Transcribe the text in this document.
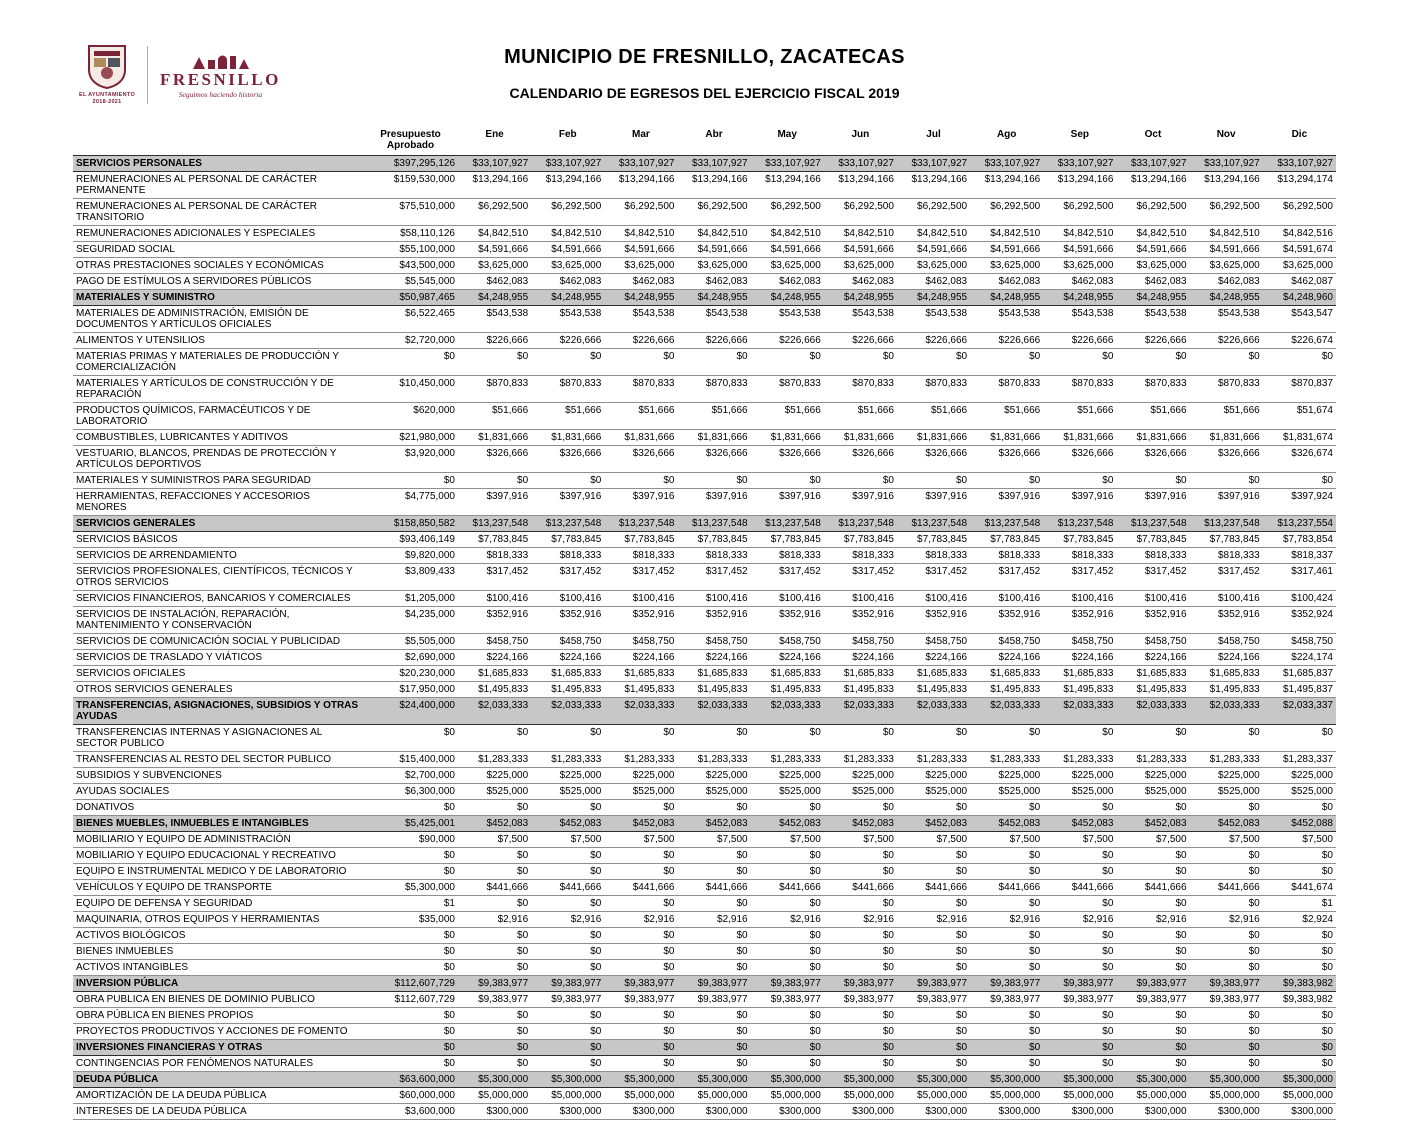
EL AYUNTAMIENTO
2018-2021
FRESNILLO
Seguimos haciendo historia
MUNICIPIO DE FRESNILLO, ZACATECAS
CALENDARIO DE EGRESOS DEL EJERCICIO FISCAL 2019
	Presupuesto Aprobado	Ene	Feb	Mar	Abr	May	Jun	Jul	Ago	Sep	Oct	Nov	Dic
SERVICIOS PERSONALES	$397,295,126	$33,107,927	$33,107,927	$33,107,927	$33,107,927	$33,107,927	$33,107,927	$33,107,927	$33,107,927	$33,107,927	$33,107,927	$33,107,927	$33,107,927
REMUNERACIONES AL PERSONAL DE CARÁCTER PERMANENTE	$159,530,000	$13,294,166	$13,294,166	$13,294,166	$13,294,166	$13,294,166	$13,294,166	$13,294,166	$13,294,166	$13,294,166	$13,294,166	$13,294,166	$13,294,174
REMUNERACIONES AL PERSONAL DE CARÁCTER TRANSITORIO	$75,510,000	$6,292,500	$6,292,500	$6,292,500	$6,292,500	$6,292,500	$6,292,500	$6,292,500	$6,292,500	$6,292,500	$6,292,500	$6,292,500	$6,292,500
REMUNERACIONES ADICIONALES Y ESPECIALES	$58,110,126	$4,842,510	$4,842,510	$4,842,510	$4,842,510	$4,842,510	$4,842,510	$4,842,510	$4,842,510	$4,842,510	$4,842,510	$4,842,510	$4,842,516
SEGURIDAD SOCIAL	$55,100,000	$4,591,666	$4,591,666	$4,591,666	$4,591,666	$4,591,666	$4,591,666	$4,591,666	$4,591,666	$4,591,666	$4,591,666	$4,591,666	$4,591,674
OTRAS PRESTACIONES SOCIALES Y ECONÓMICAS	$43,500,000	$3,625,000	$3,625,000	$3,625,000	$3,625,000	$3,625,000	$3,625,000	$3,625,000	$3,625,000	$3,625,000	$3,625,000	$3,625,000	$3,625,000
PAGO DE ESTÍMULOS A SERVIDORES PÚBLICOS	$5,545,000	$462,083	$462,083	$462,083	$462,083	$462,083	$462,083	$462,083	$462,083	$462,083	$462,083	$462,083	$462,087
MATERIALES Y SUMINISTRO	$50,987,465	$4,248,955	$4,248,955	$4,248,955	$4,248,955	$4,248,955	$4,248,955	$4,248,955	$4,248,955	$4,248,955	$4,248,955	$4,248,955	$4,248,960
MATERIALES DE ADMINISTRACIÓN, EMISIÓN DE DOCUMENTOS Y ARTÍCULOS OFICIALES	$6,522,465	$543,538	$543,538	$543,538	$543,538	$543,538	$543,538	$543,538	$543,538	$543,538	$543,538	$543,538	$543,547
ALIMENTOS Y UTENSILIOS	$2,720,000	$226,666	$226,666	$226,666	$226,666	$226,666	$226,666	$226,666	$226,666	$226,666	$226,666	$226,666	$226,674
MATERIAS PRIMAS Y MATERIALES DE PRODUCCIÓN Y COMERCIALIZACIÓN	$0	$0	$0	$0	$0	$0	$0	$0	$0	$0	$0	$0	$0
MATERIALES Y ARTÍCULOS DE CONSTRUCCIÓN Y DE REPARACIÓN	$10,450,000	$870,833	$870,833	$870,833	$870,833	$870,833	$870,833	$870,833	$870,833	$870,833	$870,833	$870,833	$870,837
PRODUCTOS QUÍMICOS, FARMACÉUTICOS Y DE LABORATORIO	$620,000	$51,666	$51,666	$51,666	$51,666	$51,666	$51,666	$51,666	$51,666	$51,666	$51,666	$51,666	$51,674
COMBUSTIBLES, LUBRICANTES Y ADITIVOS	$21,980,000	$1,831,666	$1,831,666	$1,831,666	$1,831,666	$1,831,666	$1,831,666	$1,831,666	$1,831,666	$1,831,666	$1,831,666	$1,831,666	$1,831,674
VESTUARIO, BLANCOS, PRENDAS DE PROTECCIÓN Y ARTÍCULOS DEPORTIVOS	$3,920,000	$326,666	$326,666	$326,666	$326,666	$326,666	$326,666	$326,666	$326,666	$326,666	$326,666	$326,666	$326,674
MATERIALES Y SUMINISTROS PARA SEGURIDAD	$0	$0	$0	$0	$0	$0	$0	$0	$0	$0	$0	$0	$0
HERRAMIENTAS, REFACCIONES Y ACCESORIOS MENORES	$4,775,000	$397,916	$397,916	$397,916	$397,916	$397,916	$397,916	$397,916	$397,916	$397,916	$397,916	$397,916	$397,924
SERVICIOS GENERALES	$158,850,582	$13,237,548	$13,237,548	$13,237,548	$13,237,548	$13,237,548	$13,237,548	$13,237,548	$13,237,548	$13,237,548	$13,237,548	$13,237,548	$13,237,554
SERVICIOS BÁSICOS	$93,406,149	$7,783,845	$7,783,845	$7,783,845	$7,783,845	$7,783,845	$7,783,845	$7,783,845	$7,783,845	$7,783,845	$7,783,845	$7,783,845	$7,783,854
SERVICIOS DE ARRENDAMIENTO	$9,820,000	$818,333	$818,333	$818,333	$818,333	$818,333	$818,333	$818,333	$818,333	$818,333	$818,333	$818,333	$818,337
SERVICIOS PROFESIONALES, CIENTÍFICOS, TÉCNICOS Y OTROS SERVICIOS	$3,809,433	$317,452	$317,452	$317,452	$317,452	$317,452	$317,452	$317,452	$317,452	$317,452	$317,452	$317,452	$317,461
SERVICIOS FINANCIEROS, BANCARIOS Y COMERCIALES	$1,205,000	$100,416	$100,416	$100,416	$100,416	$100,416	$100,416	$100,416	$100,416	$100,416	$100,416	$100,416	$100,424
SERVICIOS DE INSTALACIÓN, REPARACIÓN, MANTENIMIENTO Y CONSERVACIÓN	$4,235,000	$352,916	$352,916	$352,916	$352,916	$352,916	$352,916	$352,916	$352,916	$352,916	$352,916	$352,916	$352,924
SERVICIOS DE COMUNICACIÓN SOCIAL Y PUBLICIDAD	$5,505,000	$458,750	$458,750	$458,750	$458,750	$458,750	$458,750	$458,750	$458,750	$458,750	$458,750	$458,750	$458,750
SERVICIOS DE TRASLADO Y VIÁTICOS	$2,690,000	$224,166	$224,166	$224,166	$224,166	$224,166	$224,166	$224,166	$224,166	$224,166	$224,166	$224,166	$224,174
SERVICIOS OFICIALES	$20,230,000	$1,685,833	$1,685,833	$1,685,833	$1,685,833	$1,685,833	$1,685,833	$1,685,833	$1,685,833	$1,685,833	$1,685,833	$1,685,833	$1,685,837
OTROS SERVICIOS GENERALES	$17,950,000	$1,495,833	$1,495,833	$1,495,833	$1,495,833	$1,495,833	$1,495,833	$1,495,833	$1,495,833	$1,495,833	$1,495,833	$1,495,833	$1,495,837
TRANSFERENCIAS, ASIGNACIONES, SUBSIDIOS Y OTRAS AYUDAS	$24,400,000	$2,033,333	$2,033,333	$2,033,333	$2,033,333	$2,033,333	$2,033,333	$2,033,333	$2,033,333	$2,033,333	$2,033,333	$2,033,333	$2,033,337
TRANSFERENCIAS INTERNAS Y ASIGNACIONES AL SECTOR PUBLICO	$0	$0	$0	$0	$0	$0	$0	$0	$0	$0	$0	$0	$0
TRANSFERENCIAS AL RESTO DEL SECTOR PUBLICO	$15,400,000	$1,283,333	$1,283,333	$1,283,333	$1,283,333	$1,283,333	$1,283,333	$1,283,333	$1,283,333	$1,283,333	$1,283,333	$1,283,333	$1,283,337
SUBSIDIOS Y SUBVENCIONES	$2,700,000	$225,000	$225,000	$225,000	$225,000	$225,000	$225,000	$225,000	$225,000	$225,000	$225,000	$225,000	$225,000
AYUDAS SOCIALES	$6,300,000	$525,000	$525,000	$525,000	$525,000	$525,000	$525,000	$525,000	$525,000	$525,000	$525,000	$525,000	$525,000
DONATIVOS	$0	$0	$0	$0	$0	$0	$0	$0	$0	$0	$0	$0	$0
BIENES MUEBLES, INMUEBLES E INTANGIBLES	$5,425,001	$452,083	$452,083	$452,083	$452,083	$452,083	$452,083	$452,083	$452,083	$452,083	$452,083	$452,083	$452,088
MOBILIARIO Y EQUIPO DE ADMINISTRACIÓN	$90,000	$7,500	$7,500	$7,500	$7,500	$7,500	$7,500	$7,500	$7,500	$7,500	$7,500	$7,500	$7,500
MOBILIARIO Y EQUIPO EDUCACIONAL Y RECREATIVO	$0	$0	$0	$0	$0	$0	$0	$0	$0	$0	$0	$0	$0
EQUIPO E INSTRUMENTAL MEDICO Y DE LABORATORIO	$0	$0	$0	$0	$0	$0	$0	$0	$0	$0	$0	$0	$0
VEHÍCULOS Y EQUIPO DE TRANSPORTE	$5,300,000	$441,666	$441,666	$441,666	$441,666	$441,666	$441,666	$441,666	$441,666	$441,666	$441,666	$441,666	$441,674
EQUIPO DE DEFENSA Y SEGURIDAD	$1	$0	$0	$0	$0	$0	$0	$0	$0	$0	$0	$0	$1
MAQUINARIA, OTROS EQUIPOS Y HERRAMIENTAS	$35,000	$2,916	$2,916	$2,916	$2,916	$2,916	$2,916	$2,916	$2,916	$2,916	$2,916	$2,916	$2,924
ACTIVOS BIOLÓGICOS	$0	$0	$0	$0	$0	$0	$0	$0	$0	$0	$0	$0	$0
BIENES INMUEBLES	$0	$0	$0	$0	$0	$0	$0	$0	$0	$0	$0	$0	$0
ACTIVOS INTANGIBLES	$0	$0	$0	$0	$0	$0	$0	$0	$0	$0	$0	$0	$0
INVERSION PÚBLICA	$112,607,729	$9,383,977	$9,383,977	$9,383,977	$9,383,977	$9,383,977	$9,383,977	$9,383,977	$9,383,977	$9,383,977	$9,383,977	$9,383,977	$9,383,982
OBRA PUBLICA EN BIENES DE DOMINIO PUBLICO	$112,607,729	$9,383,977	$9,383,977	$9,383,977	$9,383,977	$9,383,977	$9,383,977	$9,383,977	$9,383,977	$9,383,977	$9,383,977	$9,383,977	$9,383,982
OBRA PÚBLICA EN BIENES PROPIOS	$0	$0	$0	$0	$0	$0	$0	$0	$0	$0	$0	$0	$0
PROYECTOS PRODUCTIVOS Y ACCIONES DE FOMENTO	$0	$0	$0	$0	$0	$0	$0	$0	$0	$0	$0	$0	$0
INVERSIONES FINANCIERAS Y OTRAS	$0	$0	$0	$0	$0	$0	$0	$0	$0	$0	$0	$0	$0
CONTINGENCIAS POR FENÓMENOS NATURALES	$0	$0	$0	$0	$0	$0	$0	$0	$0	$0	$0	$0	$0
DEUDA PÚBLICA	$63,600,000	$5,300,000	$5,300,000	$5,300,000	$5,300,000	$5,300,000	$5,300,000	$5,300,000	$5,300,000	$5,300,000	$5,300,000	$5,300,000	$5,300,000
AMORTIZACIÓN DE LA DEUDA PÚBLICA	$60,000,000	$5,000,000	$5,000,000	$5,000,000	$5,000,000	$5,000,000	$5,000,000	$5,000,000	$5,000,000	$5,000,000	$5,000,000	$5,000,000	$5,000,000
INTERESES DE LA DEUDA PÚBLICA	$3,600,000	$300,000	$300,000	$300,000	$300,000	$300,000	$300,000	$300,000	$300,000	$300,000	$300,000	$300,000	$300,000
